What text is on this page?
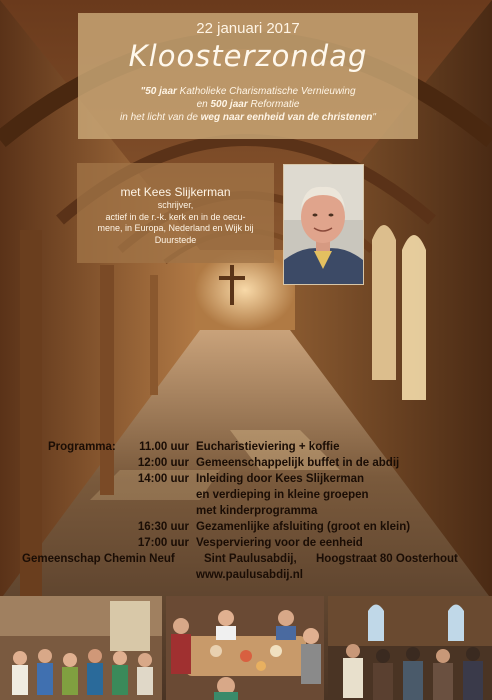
22 januari 2017
Kloosterzondag
"50 jaar Katholieke Charismatische Vernieuwing
en 500 jaar Reformatie
in het licht van de weg naar eenheid van de christenen"
met Kees Slijkerman
schrijver,
actief in de r.-k. kerk en in de oecu-
mene, in Europa, Nederland en Wijk bij
Duurstede
Programma:	11.00 uur Eucharistieviering + koffie
12:00 uur Gemeenschappelijk buffet in de abdij
14:00 uur Inleiding door Kees Slijkerman
en verdieping in kleine groepen
met kinderprogramma
16:30 uur Gezamenlijke afsluiting (groot en klein)
17:00 uur Vesperviering voor de eenheid
Gemeenschap Chemin Neuf	Sint Paulusabdij, Hoogstraat 80 Oosterhout
www.paulusabdij.nl
